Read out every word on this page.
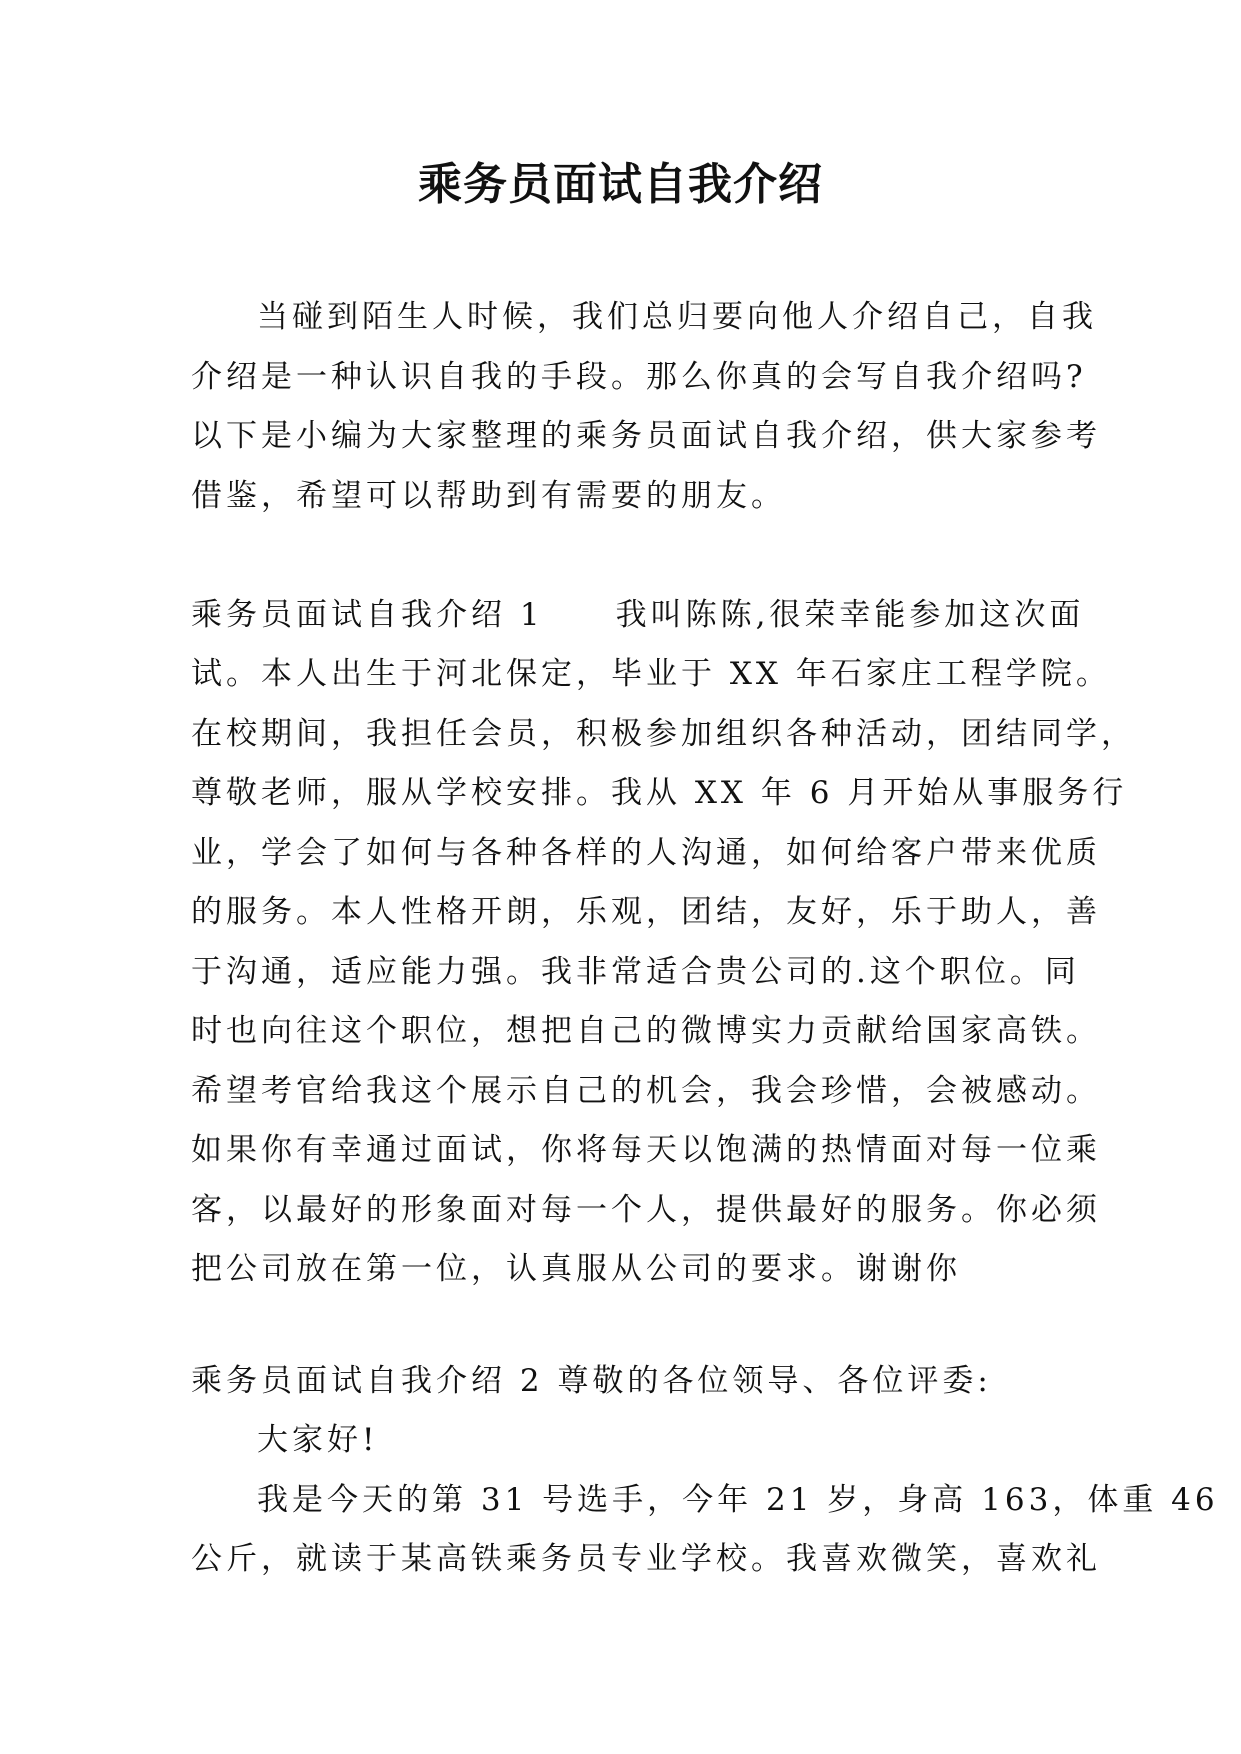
乘务员面试自我介绍
当碰到陌生人时候，我们总归要向他人介绍自己，自我
介绍是一种认识自我的手段。那么你真的会写自我介绍吗?
以下是小编为大家整理的乘务员面试自我介绍，供大家参考
借鉴，希望可以帮助到有需要的朋友。
乘务员面试自我介绍 1 我叫陈陈,很荣幸能参加这次面
试。本人出生于河北保定，毕业于 XX 年石家庄工程学院。
在校期间，我担任会员，积极参加组织各种活动，团结同学，
尊敬老师，服从学校安排。我从 XX 年 6 月开始从事服务行
业，学会了如何与各种各样的人沟通，如何给客户带来优质
的服务。本人性格开朗，乐观，团结，友好，乐于助人，善
于沟通，适应能力强。我非常适合贵公司的.这个职位。同
时也向往这个职位，想把自己的微博实力贡献给国家高铁。
希望考官给我这个展示自己的机会，我会珍惜，会被感动。
如果你有幸通过面试，你将每天以饱满的热情面对每一位乘
客，以最好的形象面对每一个人，提供最好的服务。你必须
把公司放在第一位，认真服从公司的要求。谢谢你
乘务员面试自我介绍 2 尊敬的各位领导、各位评委:
大家好!
我是今天的第 31 号选手，今年 21 岁，身高 163，体重 46
公斤，就读于某高铁乘务员专业学校。我喜欢微笑，喜欢礼
